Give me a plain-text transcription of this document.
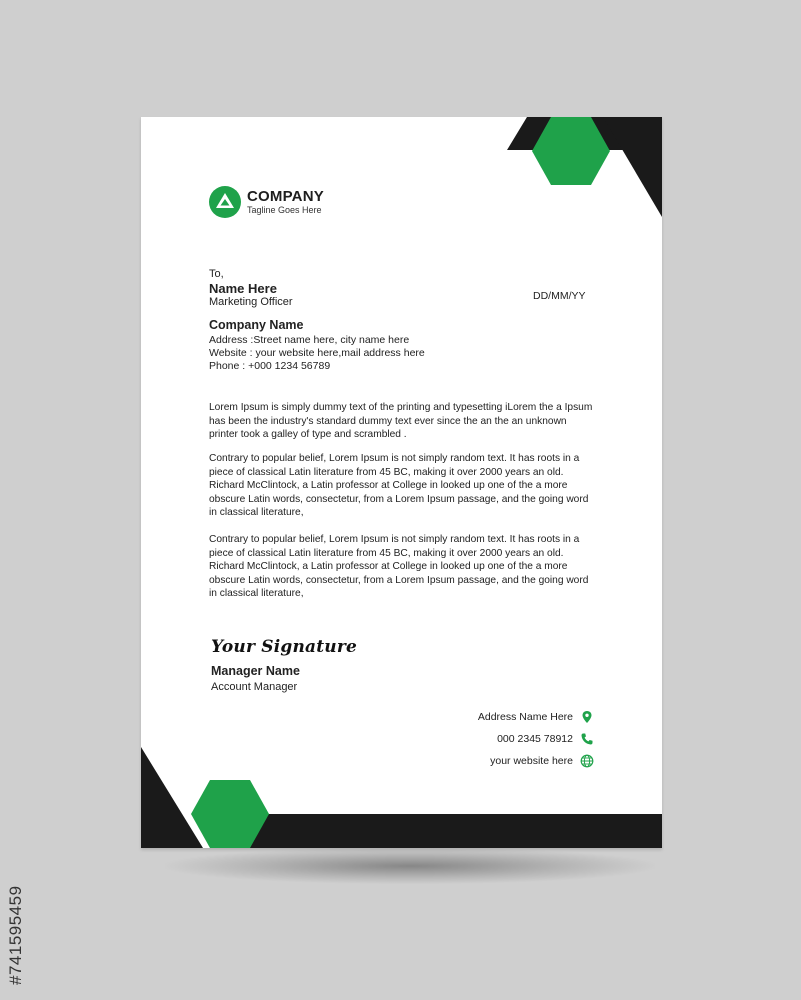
#741595459
COMPANY
Tagline Goes Here
To,
Name Here
Marketing Officer	DD/MM/YY
Company Name
Address :Street name here, city name here
Website : your website here,mail address here
Phone : +000 1234 56789

Lorem Ipsum is simply dummy text of the printing and typesetting iLorem the a Ipsum has been the industry's standard dummy text ever since the an the an unknown printer took a galley of type and scrambled .

Contrary to popular belief, Lorem Ipsum is not simply random text. It has roots in a piece of classical Latin literature from 45 BC, making it over 2000 years an old. Richard McClintock, a Latin professor at College in looked up one of the a more obscure Latin words, consectetur, from a Lorem Ipsum passage, and the going word in classical literature,

Contrary to popular belief, Lorem Ipsum is not simply random text. It has roots in a piece of classical Latin literature from 45 BC, making it over 2000 years an old. Richard McClintock, a Latin professor at College in looked up one of the a more obscure Latin words, consectetur, from a Lorem Ipsum passage, and the going word in classical literature,

Your Signature
Manager Name
Account Manager
Address Name Here
000 2345 78912
your website here
